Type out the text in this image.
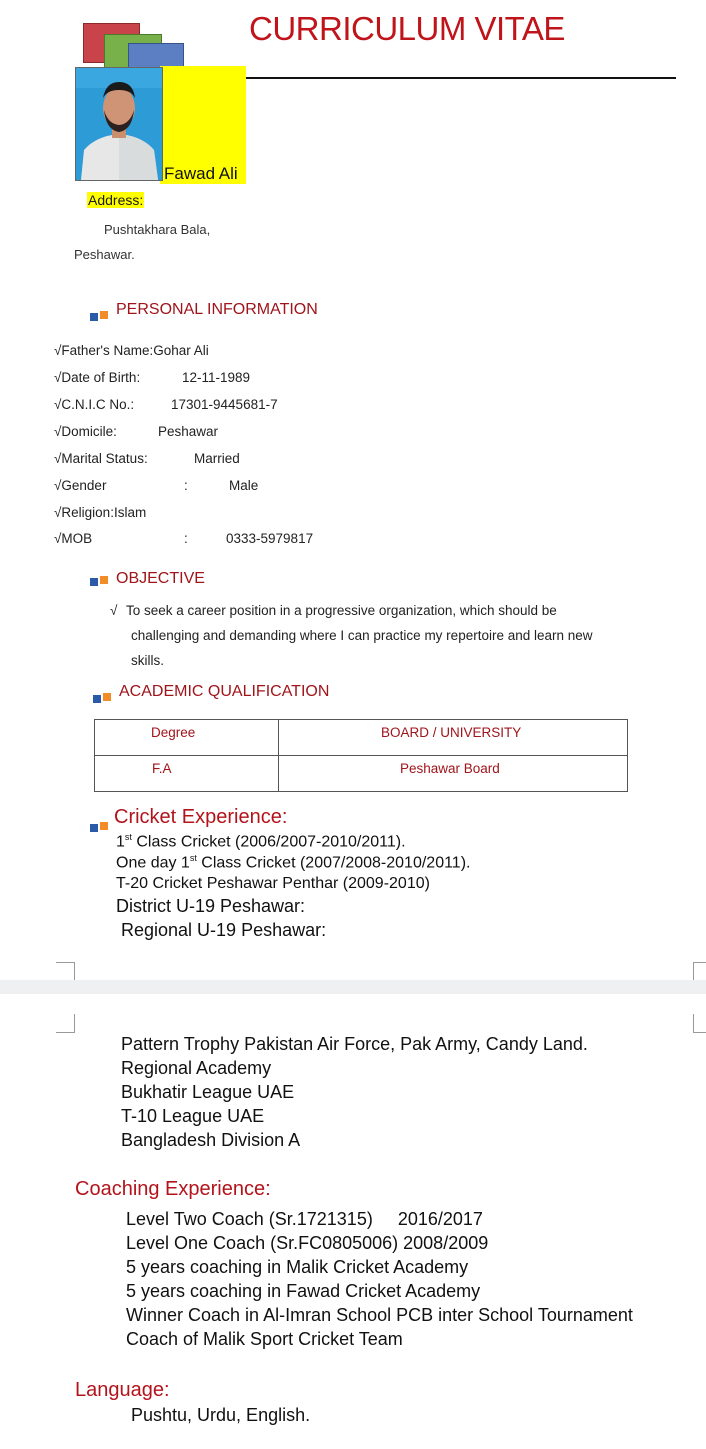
CURRICULUM VITAE
Fawad Ali
Address:
Pushtakhara Bala,
Peshawar.
PERSONAL INFORMATION
√Father's Name:Gohar Ali
√Date of Birth:	12-11-1989
√C.N.I.C No.:	17301-9445681-7
√Domicile:	Peshawar
√Marital Status:	Married
√Gender	:	Male
√Religion:Islam
√MOB	:	0333-5979817
OBJECTIVE
√ To seek a career position in a progressive organization, which should be
challenging and demanding where I can practice my repertoire and learn new
skills.
ACADEMIC QUALIFICATION
Degree	BOARD / UNIVERSITY
F.A	Peshawar Board
Cricket Experience:
1st Class Cricket (2006/2007-2010/2011).
One day 1st Class Cricket (2007/2008-2010/2011).
T-20 Cricket Peshawar Penthar (2009-2010)
District U-19 Peshawar:
Regional U-19 Peshawar:
Pattern Trophy Pakistan Air Force, Pak Army, Candy Land.
Regional Academy
Bukhatir League UAE
T-10 League UAE
Bangladesh Division A
Coaching Experience:
Level Two Coach (Sr.1721315)     2016/2017
Level One Coach (Sr.FC0805006) 2008/2009
5 years coaching in Malik Cricket Academy
5 years coaching in Fawad Cricket Academy
Winner Coach in Al-Imran School PCB inter School Tournament
Coach of Malik Sport Cricket Team
Language:
Pushtu, Urdu, English.
